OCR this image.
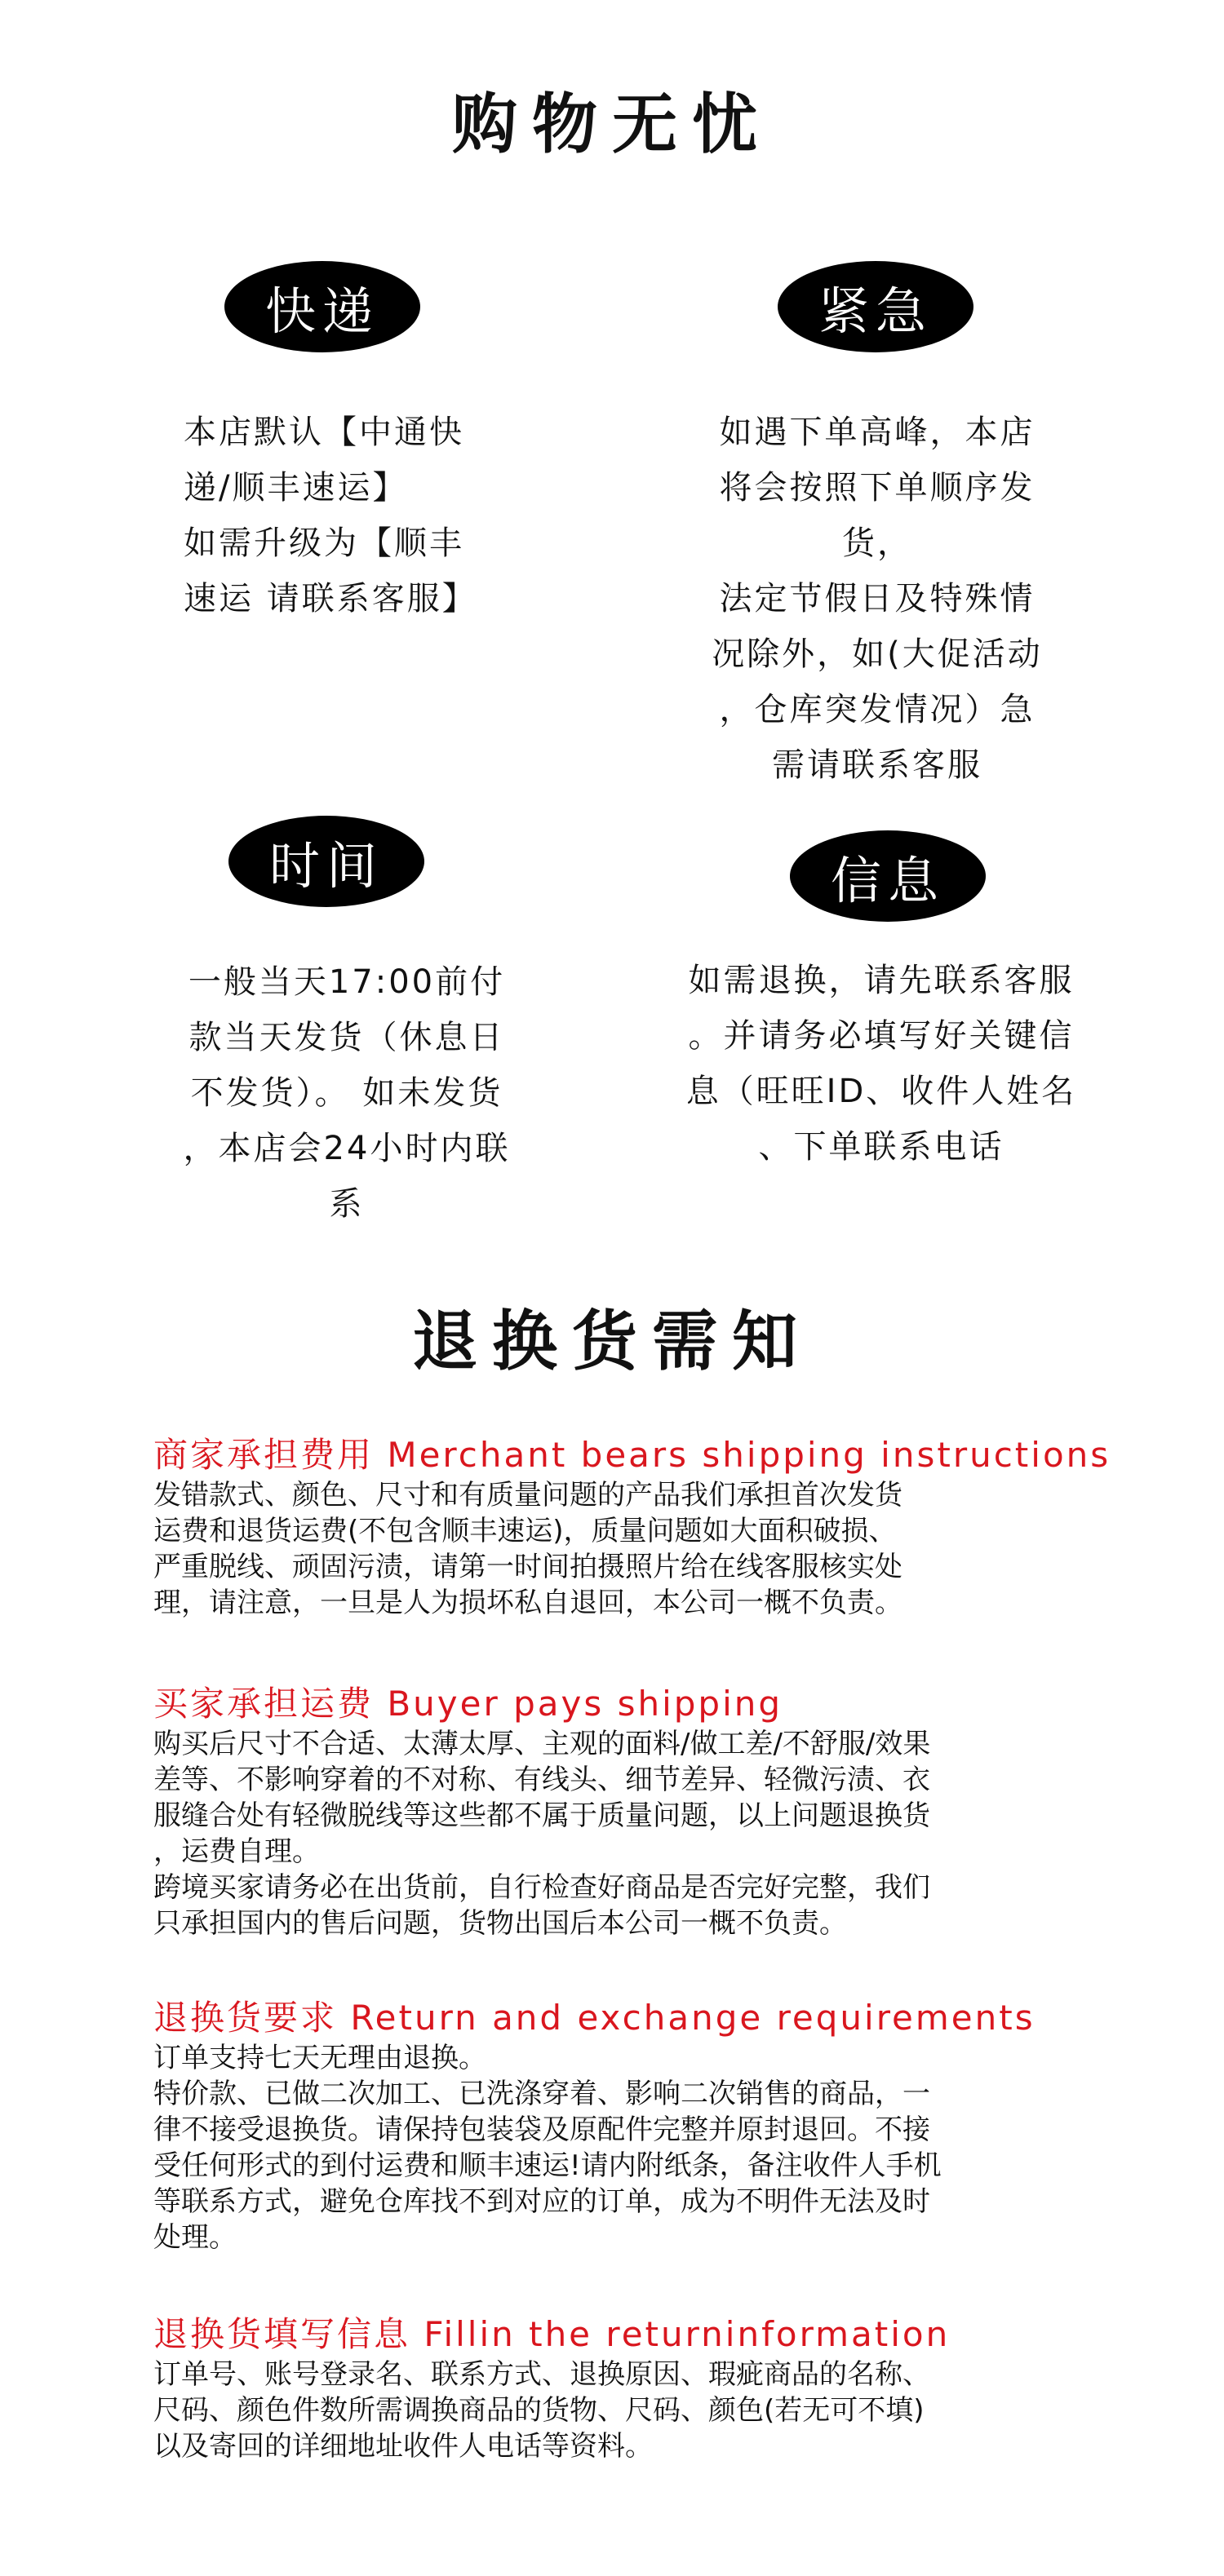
购物无忧
快递
本店默认【中通快
递/顺丰速运】
如需升级为【顺丰
速运 请联系客服】
紧急
如遇下单高峰，本店
将会按照下单顺序发
货，
法定节假日及特殊情
况除外，如(大促活动
，仓库突发情况）急
需请联系客服
时间
一般当天17:00前付
款当天发货（休息日
不发货）。 如未发货
，本店会24小时内联
系
信息
如需退换，请先联系客服
。并请务必填写好关键信
息（旺旺ID、收件人姓名
、下单联系电话
退换货需知
商家承担费用 Merchant bears shipping instructions
发错款式、颜色、尺寸和有质量问题的产品我们承担首次发货
运费和退货运费(不包含顺丰速运)，质量问题如大面积破损、
严重脱线、顽固污渍，请第一时间拍摄照片给在线客服核实处
理，请注意，一旦是人为损坏私自退回，本公司一概不负责。
买家承担运费 Buyer pays shipping
购买后尺寸不合适、太薄太厚、主观的面料/做工差/不舒服/效果
差等、不影响穿着的不对称、有线头、细节差异、轻微污渍、衣
服缝合处有轻微脱线等这些都不属于质量问题，以上问题退换货
，运费自理。
跨境买家请务必在出货前，自行检查好商品是否完好完整，我们
只承担国内的售后问题，货物出国后本公司一概不负责。
退换货要求 Return and exchange requirements
订单支持七天无理由退换。
特价款、已做二次加工、已洗涤穿着、影响二次销售的商品，一
律不接受退换货。请保持包装袋及原配件完整并原封退回。不接
受任何形式的到付运费和顺丰速运!请内附纸条，备注收件人手机
等联系方式，避免仓库找不到对应的订单，成为不明件无法及时
处理。
退换货填写信息 Fillin the returninformation
订单号、账号登录名、联系方式、退换原因、瑕疵商品的名称、
尺码、颜色件数所需调换商品的货物、尺码、颜色(若无可不填)
以及寄回的详细地址收件人电话等资料。
